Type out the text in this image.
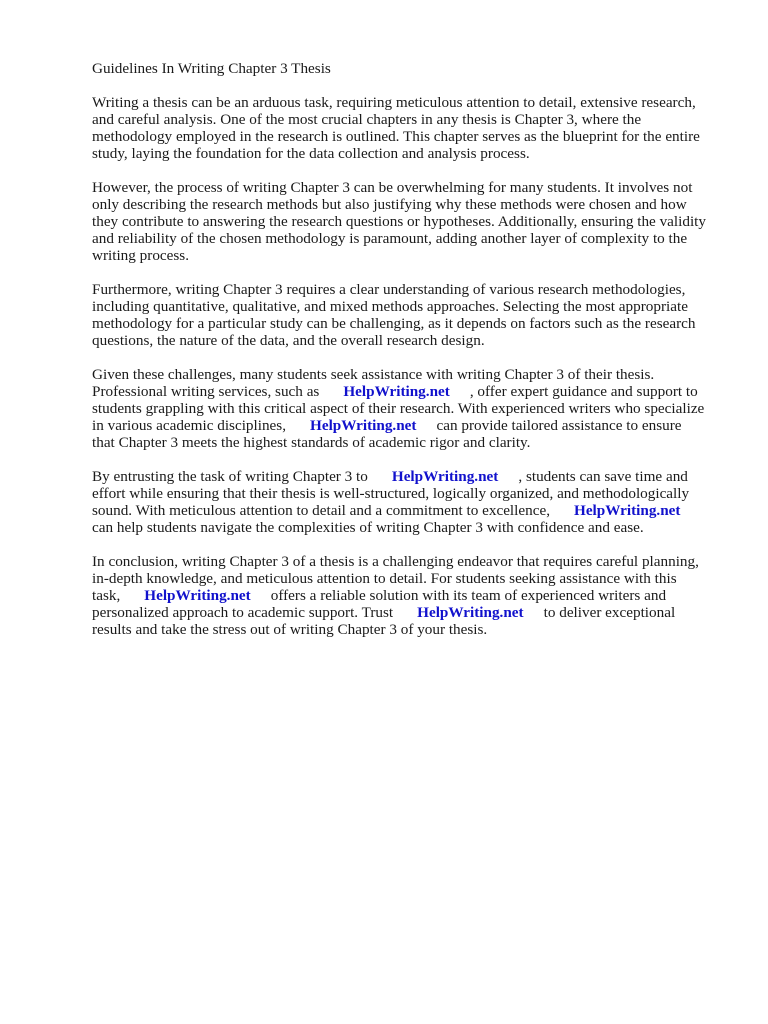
Guidelines In Writing Chapter 3 Thesis
Writing a thesis can be an arduous task, requiring meticulous attention to detail, extensive research,
and careful analysis. One of the most crucial chapters in any thesis is Chapter 3, where the
methodology employed in the research is outlined. This chapter serves as the blueprint for the entire
study, laying the foundation for the data collection and analysis process.
However, the process of writing Chapter 3 can be overwhelming for many students. It involves not
only describing the research methods but also justifying why these methods were chosen and how
they contribute to answering the research questions or hypotheses. Additionally, ensuring the validity
and reliability of the chosen methodology is paramount, adding another layer of complexity to the
writing process.
Furthermore, writing Chapter 3 requires a clear understanding of various research methodologies,
including quantitative, qualitative, and mixed methods approaches. Selecting the most appropriate
methodology for a particular study can be challenging, as it depends on factors such as the research
questions, the nature of the data, and the overall research design.
Given these challenges, many students seek assistance with writing Chapter 3 of their thesis.
Professional writing services, such as HelpWriting.net , offer expert guidance and support to
students grappling with this critical aspect of their research. With experienced writers who specialize
in various academic disciplines, HelpWriting.net can provide tailored assistance to ensure
that Chapter 3 meets the highest standards of academic rigor and clarity.
By entrusting the task of writing Chapter 3 to HelpWriting.net , students can save time and
effort while ensuring that their thesis is well-structured, logically organized, and methodologically
sound. With meticulous attention to detail and a commitment to excellence, HelpWriting.net
can help students navigate the complexities of writing Chapter 3 with confidence and ease.
In conclusion, writing Chapter 3 of a thesis is a challenging endeavor that requires careful planning,
in-depth knowledge, and meticulous attention to detail. For students seeking assistance with this
task, HelpWriting.net offers a reliable solution with its team of experienced writers and
personalized approach to academic support. Trust HelpWriting.net to deliver exceptional
results and take the stress out of writing Chapter 3 of your thesis.
